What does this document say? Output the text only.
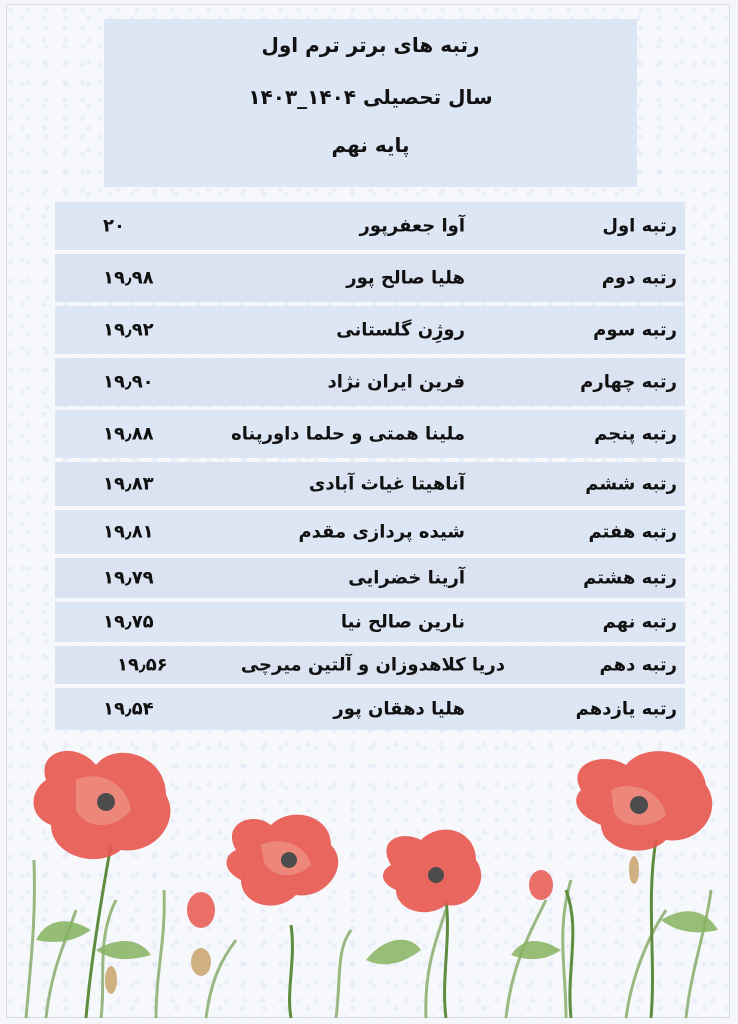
رتبه های برتر ترم اول
سال تحصیلی ۱۴۰۴_۱۴۰۳
پایه نهم
رتبه اول
آوا جعفرپور
۲۰
رتبه دوم
هلیا صالح پور
۱۹٫۹۸
رتبه سوم
روژِن گلستانی
۱۹٫۹۲
رتبه چهارم
فرین ایران نژاد
۱۹٫۹۰
رتبه پنجم
ملینا همتی و حلما داورپناه
۱۹٫۸۸
رتبه ششم
آناهیتا غیاث آبادی
۱۹٫۸۳
رتبه هفتم
شیده پردازی مقدم
۱۹٫۸۱
رتبه هشتم
آرینا خضرایی
۱۹٫۷۹
رتبه نهم
نارین صالح نیا
۱۹٫۷۵
رتبه دهم
دریا کلاهدوزان و آلتین میرچی
۱۹٫۵۶
رتبه یازدهم
هلیا دهقان پور
۱۹٫۵۴
